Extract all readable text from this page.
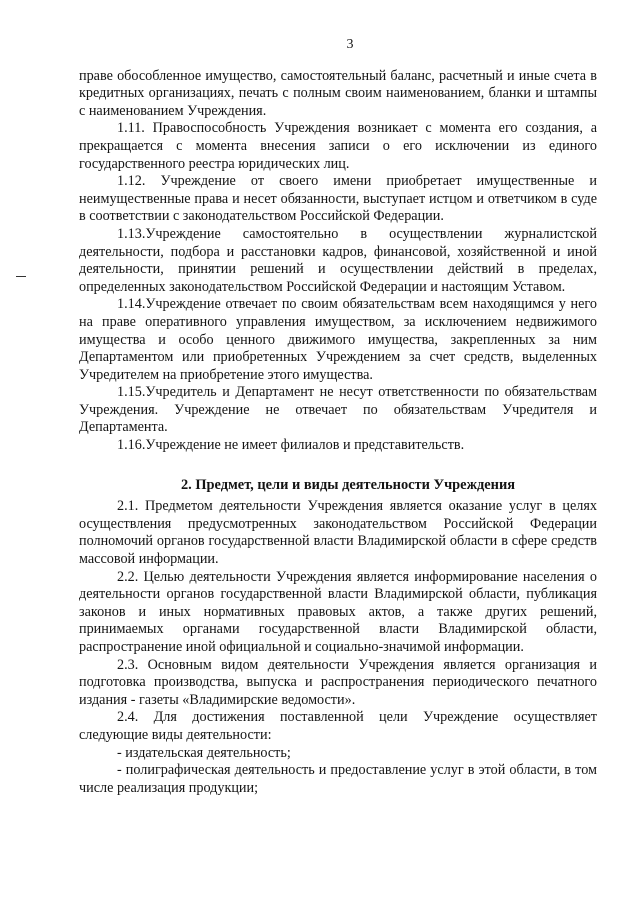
3

праве обособленное имущество, самостоятельный баланс, расчетный и иные счета в кредитных организациях, печать с полным своим наименованием, бланки и штампы с наименованием Учреждения.

1.11. Правоспособность Учреждения возникает с момента его создания, а прекращается с момента внесения записи о его исключении из единого государственного реестра юридических лиц.

1.12. Учреждение от своего имени приобретает имущественные и неимущественные права и несет обязанности, выступает истцом и ответчиком в суде в соответствии с законодательством Российской Федерации.

1.13.Учреждение самостоятельно в осуществлении журналистской деятельности, подбора и расстановки кадров, финансовой, хозяйственной и иной деятельности, принятии решений и осуществлении действий в пределах, определенных законодательством Российской Федерации и настоящим Уставом.

1.14.Учреждение отвечает по своим обязательствам всем находящимся у него на праве оперативного управления имуществом, за исключением недвижимого имущества и особо ценного движимого имущества, закрепленных за ним Департаментом или приобретенных Учреждением за счет средств, выделенных Учредителем на приобретение этого имущества.

1.15.Учредитель и Департамент не несут ответственности по обязательствам Учреждения. Учреждение не отвечает по обязательствам Учредителя и Департамента.

1.16.Учреждение не имеет филиалов и представительств.

2. Предмет, цели и виды деятельности Учреждения

2.1. Предметом деятельности Учреждения является оказание услуг в целях осуществления предусмотренных законодательством Российской Федерации полномочий органов государственной власти Владимирской области в сфере средств массовой информации.

2.2. Целью деятельности Учреждения является информирование населения о деятельности органов государственной власти Владимирской области, публикация законов и иных нормативных правовых актов, а также других решений, принимаемых органами государственной власти Владимирской области, распространение иной официальной и социально-значимой информации.

2.3. Основным видом деятельности Учреждения является организация и подготовка производства, выпуска и распространения периодического печатного издания - газеты «Владимирские ведомости».

2.4. Для достижения поставленной цели Учреждение осуществляет следующие виды деятельности:

- издательская деятельность;

- полиграфическая деятельность и предоставление услуг в этой области, в том числе реализация продукции;
